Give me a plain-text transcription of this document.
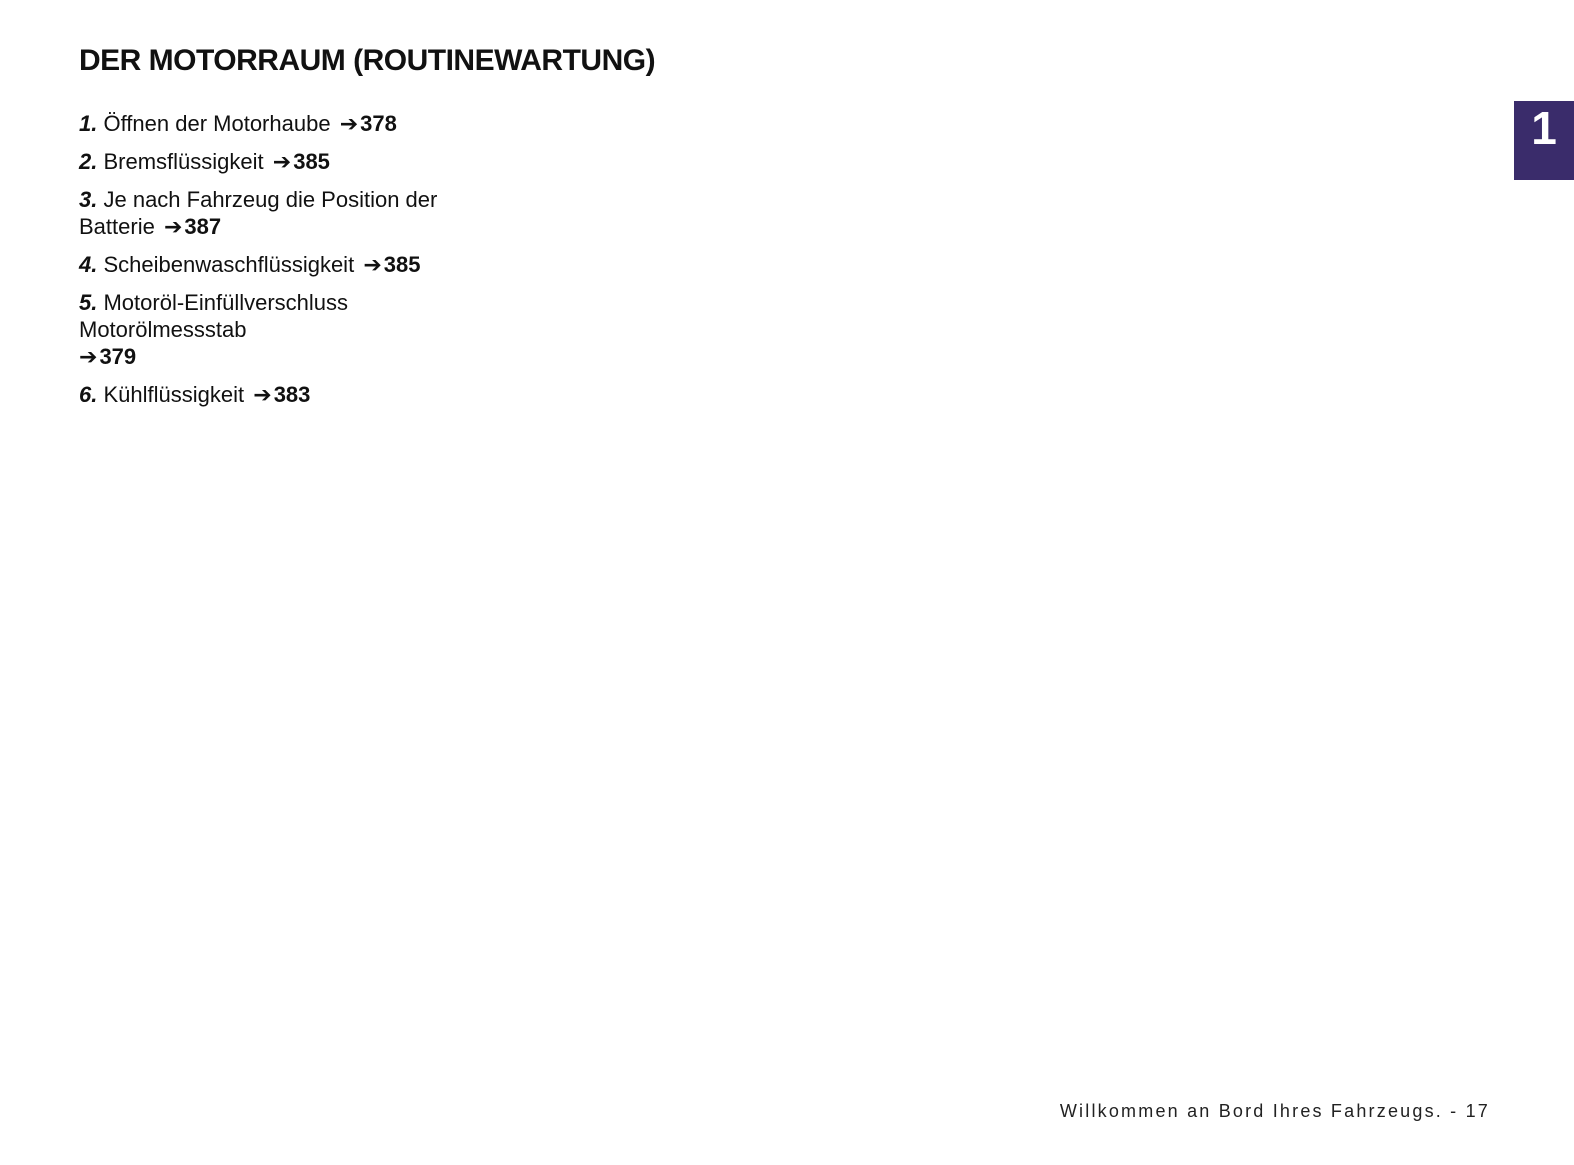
DER MOTORRAUM (ROUTINEWARTUNG)
1
1. Öffnen der Motorhaube ➔378
2. Bremsflüssigkeit ➔385
3. Je nach Fahrzeug die Position der Batterie ➔387
4. Scheibenwaschflüssigkeit ➔385
5. Motoröl-Einfüllverschluss Motorölmessstab
➔379
6. Kühlflüssigkeit ➔383
Willkommen an Bord Ihres Fahrzeugs. - 17
